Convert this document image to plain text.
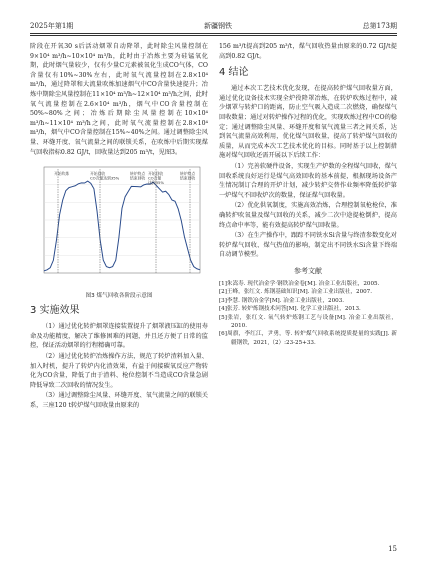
2025年第1期	新疆钢铁	总第173期

阶段在开氧30 s后活动烟罩自动降罩，此时除尘风量控制在9×10⁴ m³/h~10×10⁴ m³/h，此时由于冶炼主要为硅锰氧化期，此时烟气量较少，仅有少量C元素被氧化生成CO气体，CO含量仅有10%~30%左右，此时氧气流量控制在2.8×10⁴ m³/h，通过降罩和大流量吹炼加速烟气中CO含量快速提升；冶炼中期除尘风量控制在11×10⁴ m³/h~12×10⁴ m³/h之间，此时氧气流量控制在2.6×10⁴ m³/h，烟气中CO含量控制在50%~80%之间；冶炼后期除尘风量控制在10×10⁴ m³/h~11×10⁴ m³/h之间，此时氧气流量控制在2.8×10⁴ m³/h，烟气中CO含量控制在15%~40%之间。通过调整除尘风量、环缝开度、氧气流量之间的联锁关系，在吹炼中后期实现煤气回收指标0.82 GJ/t，回收量达到205 m³/t，见图3。

开始吹炼	开始回收 CO含量达到35%
转炉终点结束回收
开始回收 CO含量达到35%
转炉终点结束回收
图3 煤气回收各阶段示意图
3 实施效果

（1）通过优化转炉烟罩连接装置提升了烟罩液压缸的使用寿命及功能精度，解决了维修困难的问题，并且还方便了日常的监控，保证活动烟罩的行程精确可靠。

（2）通过优化转炉冶炼操作方法，规范了转炉渣料加入量、加入时机，提升了转炉内化渣效果，有益于间接碳氧反应产物转化为CO含量，降低了由于渣料、枪位控制不当造成CO含量急剧降低导致二次回收的情况发生。

（3）通过调整除尘风量、环缝开度、氧气流量之间的联锁关系，三座120 t转炉煤气回收量由原来的

156 m³/t提高到205 m³/t，煤气回收热量由原来的0.72 GJ/t提高到0.82 GJ/t。

4 结论

通过本次工艺技术优化发现，在提高转炉煤气回收量方面，通过优化设备技术实现全炉役降罩冶炼，在转炉吹炼过程中，减少烟罩与转炉口的距离，防止空气吸入造成二次燃烧，确保煤气回收数量；通过对转炉操作过程的优化，实现吹炼过程中CO的稳定；通过调整除尘风量、环缝开度和氧气流量三者之间关系，达到氧气流量高效利用，优化煤气回收量，提高了转炉煤气回收的质量，从而完成本次工艺技术优化的目标。同时基于以上控制措施对煤气回收还需开展以下后续工作：

（1）完善软硬件设备，实现生产炉数的全程煤气回收，煤气回收系统良好运行是煤气高效回收的基本前提，根据现场设备产生情况制订合理的开炉计划，减少转炉交替作业频率降低转炉第一炉煤气不回收炉次的数量，保证煤气回收量。

（2）优化供氧制度，实施高效冶炼，合理控制氧枪枪位，准确转炉吹氧量及煤气回收的关系，减少二次中途提枪倒炉，提高终点命中率等，能有效提高转炉煤气回收量。

（3）在生产操作中，跟踪不同铁水Si含量与终渣参数变化对转炉煤气回收、煤气热值的影响，制定出不同铁水Si含量下终端自动调节模型。

参考文献

[1]朱嵩寿. 现代冶金学·钢铁冶金卷[M]. 冶金工业出版社，2005.

[2]王峰，张红文. 炼钢基础知识[M]. 冶金工业出版社，2007.

[3]李慧. 钢铁冶金学[M]. 冶金工业出版社，2003.

[4]张芳. 转炉炼钢技术问答[M]. 化学工业出版社，2013.

[5]张岩，张红文. 氧气转炉炼钢工艺与设备[M]. 冶金工业出版社，2010.

[6]周旗，李红江，尹勇，等. 转炉煤气回收系统提质提量的实践[J]. 新疆钢铁，2021,（2）:23-25+33.

15
